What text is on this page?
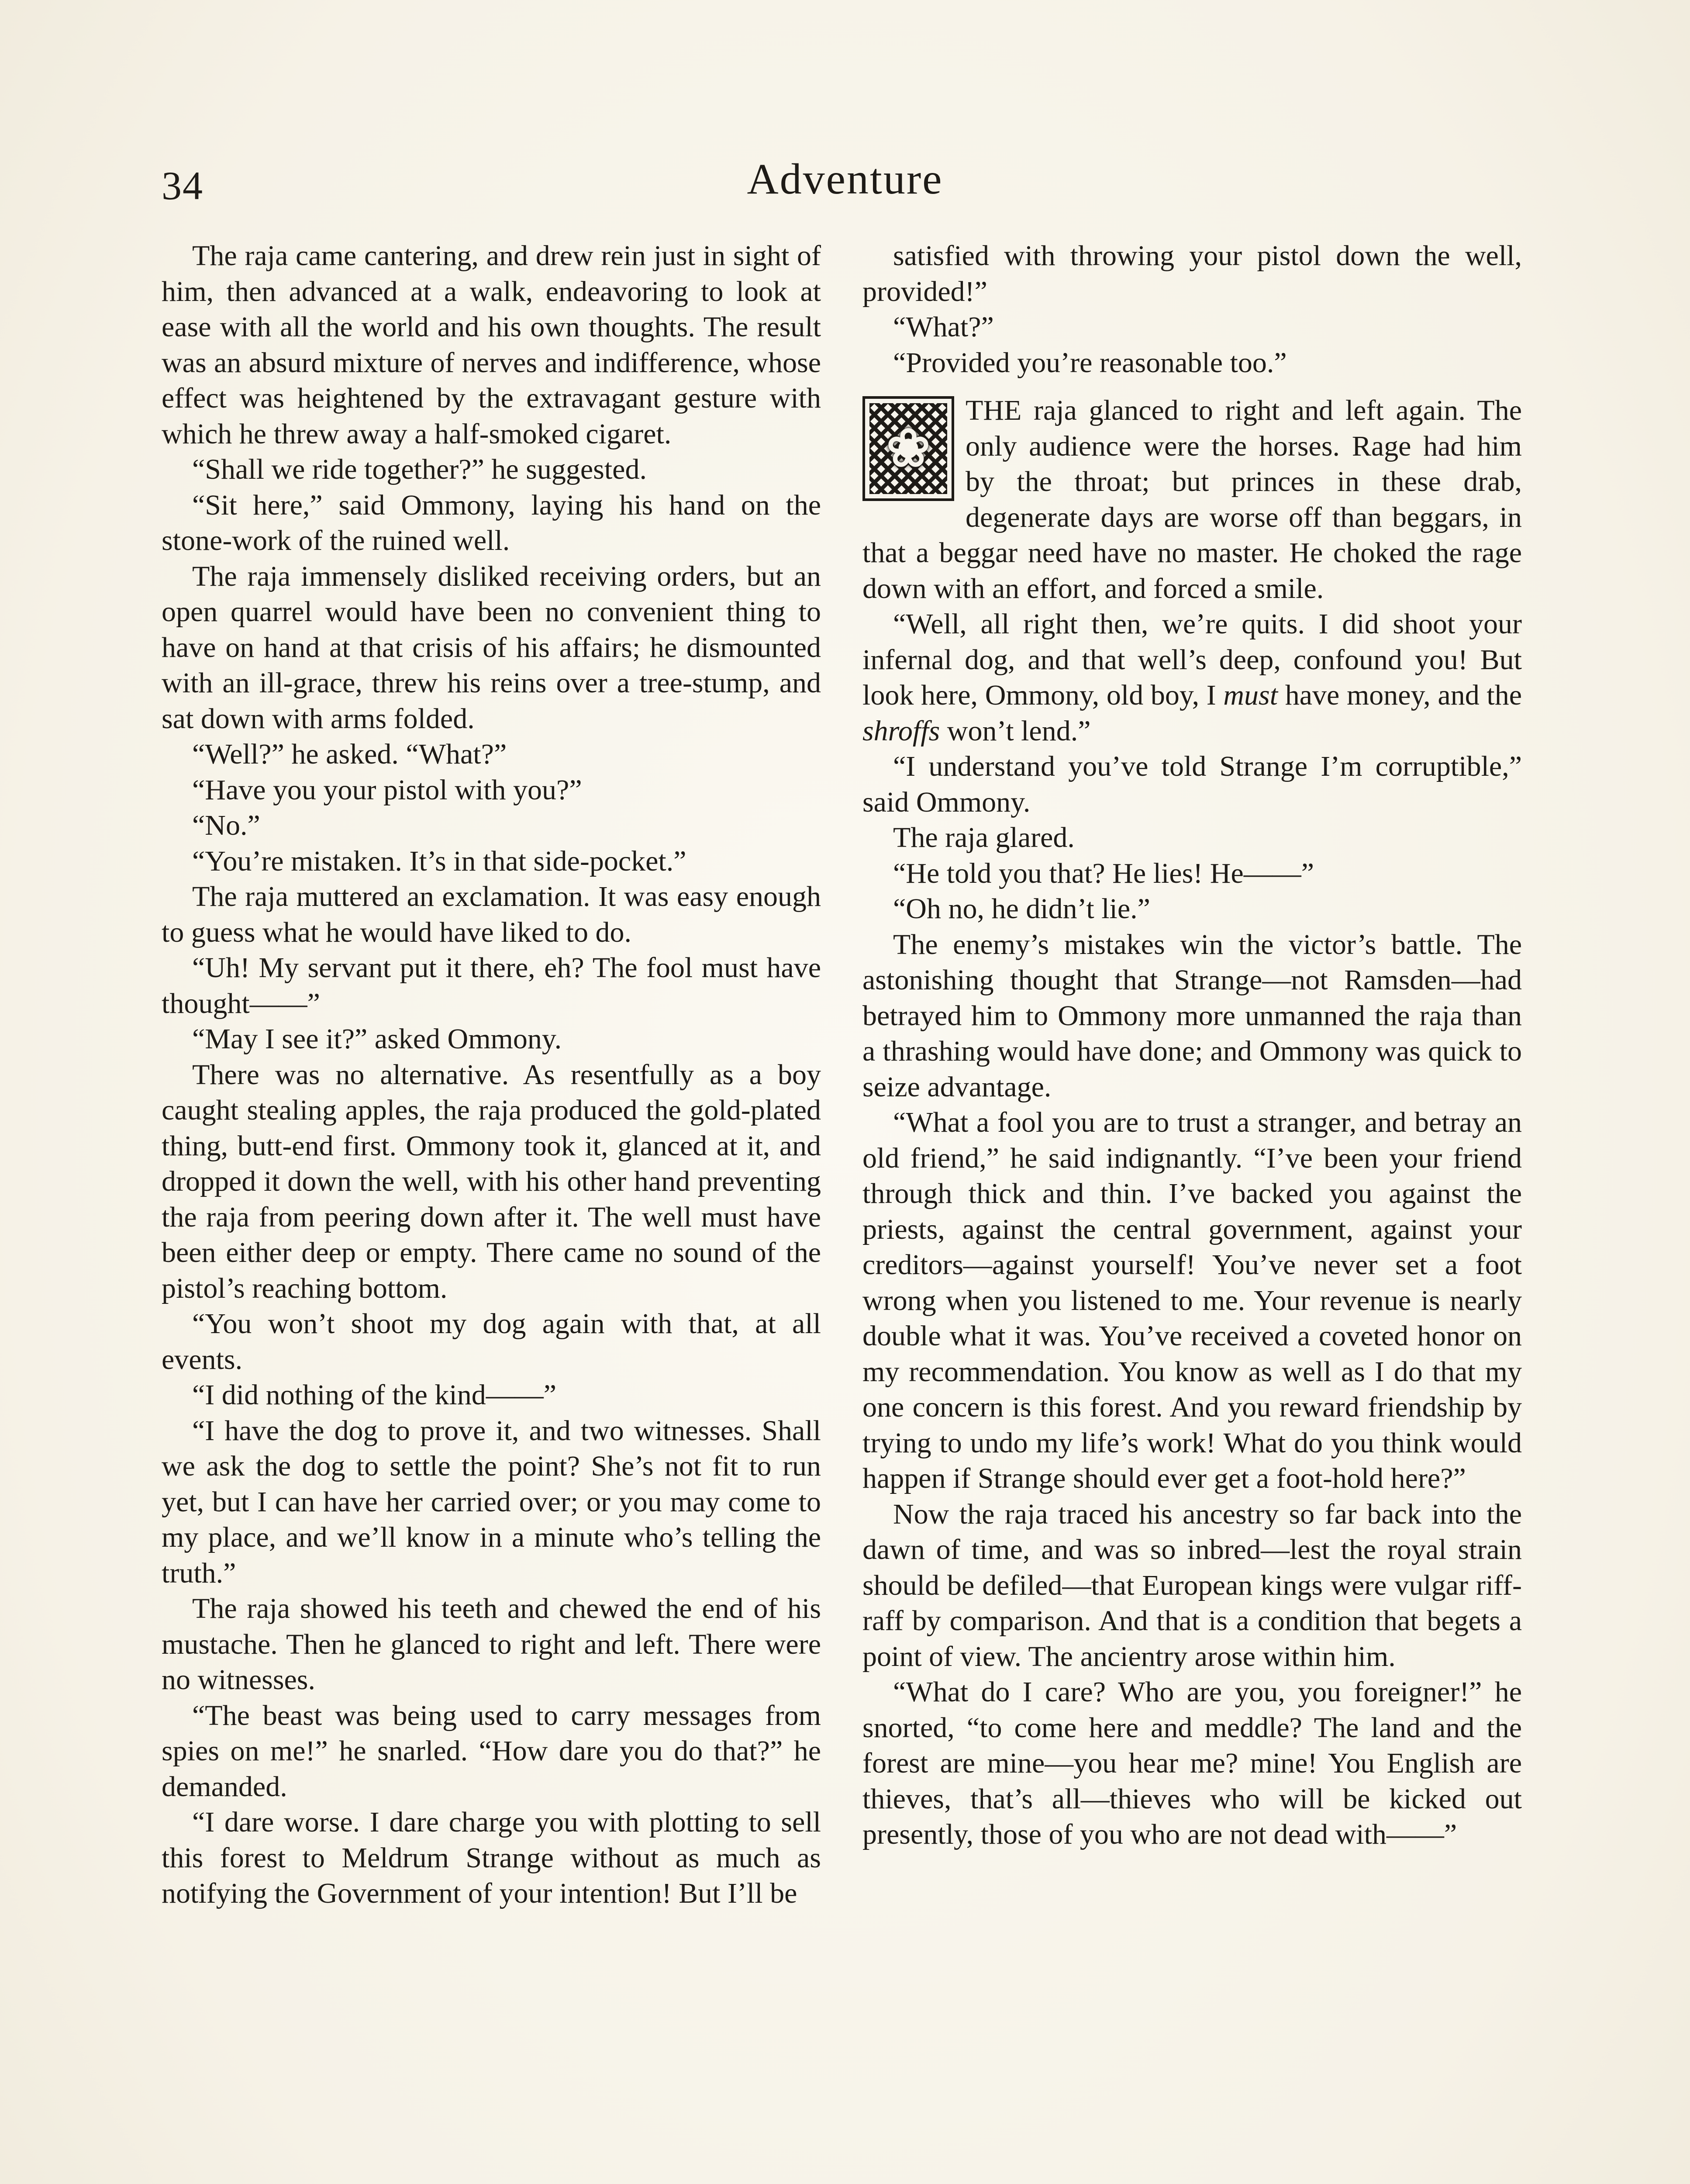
34	Adventure

The raja came cantering, and drew rein just in sight of him, then advanced at a walk, endeavoring to look at ease with all the world and his own thoughts. The result was an absurd mixture of nerves and indifference, whose effect was heightened by the extravagant gesture with which he threw away a half-smoked cigaret.

“Shall we ride together?” he suggested.

“Sit here,” said Ommony, laying his hand on the stone-work of the ruined well.

The raja immensely disliked receiving orders, but an open quarrel would have been no convenient thing to have on hand at that crisis of his affairs; he dismounted with an ill-grace, threw his reins over a tree-stump, and sat down with arms folded.

“Well?” he asked. “What?”

“Have you your pistol with you?”

“No.”

“You’re mistaken. It’s in that side-pocket.”

The raja muttered an exclamation. It was easy enough to guess what he would have liked to do.

“Uh! My servant put it there, eh? The fool must have thought——”

“May I see it?” asked Ommony.

There was no alternative. As resentfully as a boy caught stealing apples, the raja produced the gold-plated thing, butt-end first. Ommony took it, glanced at it, and dropped it down the well, with his other hand preventing the raja from peering down after it. The well must have been either deep or empty. There came no sound of the pistol’s reaching bottom.

“You won’t shoot my dog again with that, at all events.

“I did nothing of the kind——”

“I have the dog to prove it, and two witnesses. Shall we ask the dog to settle the point? She’s not fit to run yet, but I can have her carried over; or you may come to my place, and we’ll know in a minute who’s telling the truth.”

The raja showed his teeth and chewed the end of his mustache. Then he glanced to right and left. There were no witnesses.

“The beast was being used to carry messages from spies on me!” he snarled. “How dare you do that?” he demanded.

“I dare worse. I dare charge you with plotting to sell this forest to Meldrum Strange without as much as notifying the Government of your intention! But I’ll be

satisfied with throwing your pistol down the well, provided!”

“What?”

“Provided you’re reasonable too.”

❀

THE raja glanced to right and left again. The only audience were the horses. Rage had him by the throat; but princes in these drab, degenerate days are worse off than beggars, in that a beggar need have no master. He choked the rage down with an effort, and forced a smile.

“Well, all right then, we’re quits. I did shoot your infernal dog, and that well’s deep, confound you! But look here, Ommony, old boy, I must have money, and the shroffs won’t lend.”

“I understand you’ve told Strange I’m corruptible,” said Ommony.

The raja glared.

“He told you that? He lies! He——”

“Oh no, he didn’t lie.”

The enemy’s mistakes win the victor’s battle. The astonishing thought that Strange—not Ramsden—had betrayed him to Ommony more unmanned the raja than a thrashing would have done; and Ommony was quick to seize advantage.

“What a fool you are to trust a stranger, and betray an old friend,” he said indignantly. “I’ve been your friend through thick and thin. I’ve backed you against the priests, against the central government, against your creditors—against yourself! You’ve never set a foot wrong when you listened to me. Your revenue is nearly double what it was. You’ve received a coveted honor on my recommendation. You know as well as I do that my one concern is this forest. And you reward friendship by trying to undo my life’s work! What do you think would happen if Strange should ever get a foot-hold here?”

Now the raja traced his ancestry so far back into the dawn of time, and was so inbred—lest the royal strain should be defiled—that European kings were vulgar riff-raff by comparison. And that is a condition that begets a point of view. The ancientry arose within him.

“What do I care? Who are you, you foreigner!” he snorted, “to come here and meddle? The land and the forest are mine—you hear me? mine! You English are thieves, that’s all—thieves who will be kicked out presently, those of you who are not dead with——”
